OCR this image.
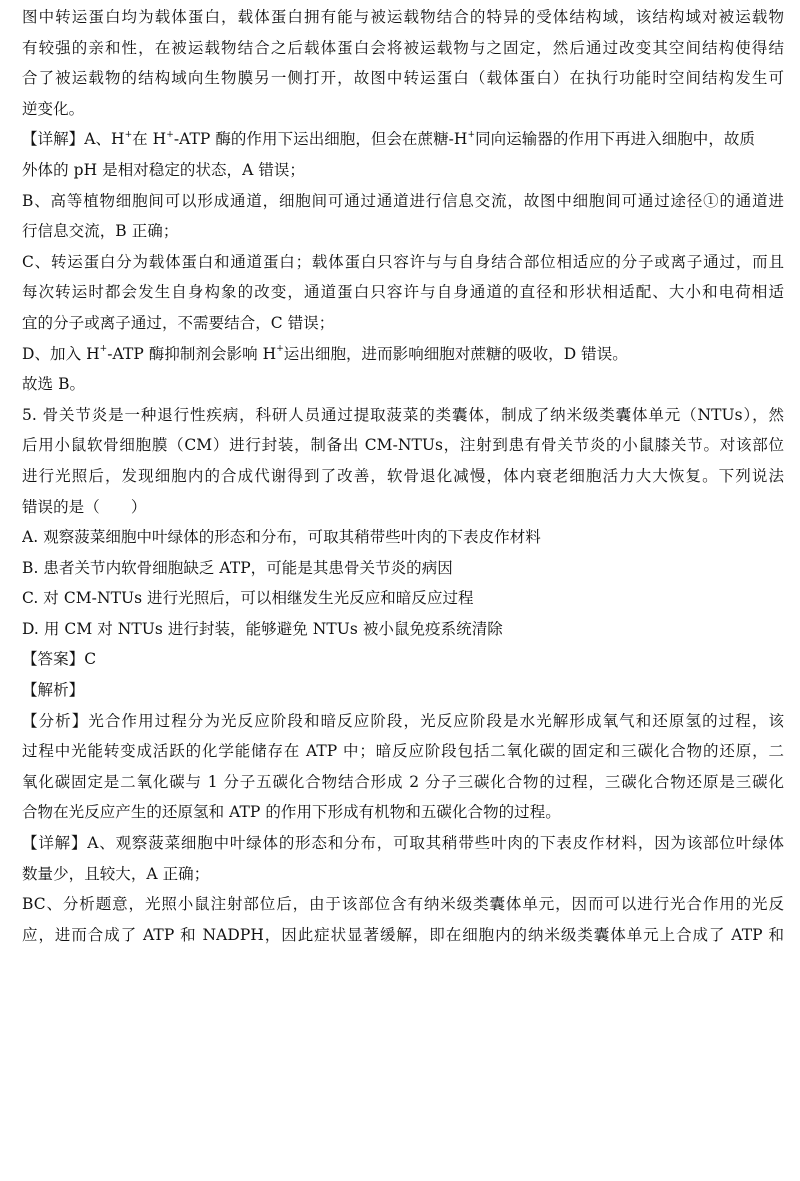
图中转运蛋白均为载体蛋白，载体蛋白拥有能与被运载物结合的特异的受体结构域，该结构域对被运载物
有较强的亲和性，在被运载物结合之后载体蛋白会将被运载物与之固定，然后通过改变其空间结构使得结
合了被运载物的结构域向生物膜另一侧打开，故图中转运蛋白（载体蛋白）在执行功能时空间结构发生可
逆变化。
【详解】A、H+在 H+-ATP 酶的作用下运出细胞，但会在蔗糖-H+同向运输器的作用下再进入细胞中，故质
外体的 pH 是相对稳定的状态，A 错误；
B、高等植物细胞间可以形成通道，细胞间可通过通道进行信息交流，故图中细胞间可通过途径①的通道进
行信息交流，B 正确；
C、转运蛋白分为载体蛋白和通道蛋白；载体蛋白只容许与与自身结合部位相适应的分子或离子通过，而且
每次转运时都会发生自身构象的改变，通道蛋白只容许与自身通道的直径和形状相适配、大小和电荷相适
宜的分子或离子通过，不需要结合，C 错误；
D、加入 H+-ATP 酶抑制剂会影响 H+运出细胞，进而影响细胞对蔗糖的吸收，D 错误。
故选 B。
5. 骨关节炎是一种退行性疾病，科研人员通过提取菠菜的类囊体，制成了纳米级类囊体单元（NTUs），然
后用小鼠软骨细胞膜（CM）进行封装，制备出 CM-NTUs，注射到患有骨关节炎的小鼠膝关节。对该部位
进行光照后，发现细胞内的合成代谢得到了改善，软骨退化减慢，体内衰老细胞活力大大恢复。下列说法
错误的是（　　）
A. 观察菠菜细胞中叶绿体的形态和分布，可取其稍带些叶肉的下表皮作材料
B. 患者关节内软骨细胞缺乏 ATP，可能是其患骨关节炎的病因
C. 对 CM-NTUs 进行光照后，可以相继发生光反应和暗反应过程
D. 用 CM 对 NTUs 进行封装，能够避免 NTUs 被小鼠免疫系统清除
【答案】C
【解析】
【分析】光合作用过程分为光反应阶段和暗反应阶段，光反应阶段是水光解形成氧气和还原氢的过程，该
过程中光能转变成活跃的化学能储存在 ATP 中；暗反应阶段包括二氧化碳的固定和三碳化合物的还原，二
氧化碳固定是二氧化碳与 1 分子五碳化合物结合形成 2 分子三碳化合物的过程，三碳化合物还原是三碳化
合物在光反应产生的还原氢和 ATP 的作用下形成有机物和五碳化合物的过程。
【详解】A、观察菠菜细胞中叶绿体的形态和分布，可取其稍带些叶肉的下表皮作材料，因为该部位叶绿体
数量少，且较大，A 正确；
BC、分析题意，光照小鼠注射部位后，由于该部位含有纳米级类囊体单元，因而可以进行光合作用的光反
应，进而合成了 ATP 和 NADPH，因此症状显著缓解，即在细胞内的纳米级类囊体单元上合成了 ATP 和
